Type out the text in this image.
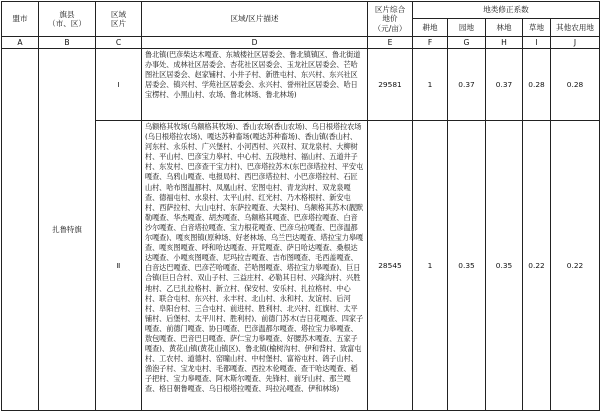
盟市	旗县
（市、区）	区域
区片	区域/区片描述	区片综合
地价
（元/亩）	地类修正系数				
					耕地	园地	林地	草地	其他农用地
A	B	C	D	E	F	G	H	I	J
	扎鲁特旗	Ⅰ	鲁北镇(巴彦柴达木嘎查、东城楼社区居委会、鲁北镇镇区、鲁北街道办事处、成林社区居委会、杏花社区居委会、玉龙社区居委会、芒哈图社区居委会、赵家铺村、小井子村、新胜屯村、东兴村、东兴社区居委会、镇兴村、学苑社区居委会、永兴村、誉州社区居委会、哈日宝楞村、小黑山村、农场、鲁北林场、鲁北林场)	29581	1	0.37	0.37	0.28	0.28
		Ⅱ	乌额格其牧场(乌额格其牧场)、香山农场(香山农场)、乌日根塔拉农场(乌日根塔拉农场)、嘎达苏种畜场(嘎达苏种畜场)、香山镇(香山村、河东村、永乐村、广兴堡村、小河西村、兴双村、双龙泉村、大柳树村、平山村、巴彦宝力皋村、中心村、五段地村、福山村、五道井子村、东发村、巴彦查干宝力村)、巴彦塔拉苏木(东巴彦塔拉村、平安屯嘎查、乌鸦山嘎查、电报局村、西巴彦塔拉村、小巴彦塔拉村、石匠山村、哈布图温都村、凤凰山村、宏图屯村、青龙沟村、双龙泉嘎查、德福屯村、水泉村、太平山村、红光村、乃木格根村、新安屯村、西萨拉村、大山屯村、东萨拉嘎查、大架村)、乌额格其苏木(靓默勒嘎查、华杰嘎查、胡杰嘎查、乌额格其嘎查、巴彦塔拉嘎查、白音沙尔嘎查、白音塔拉嘎查、宝力根花嘎查、巴彦乌拉嘎查、巴彦温都尔嘎查)、嘎亥图镇(原种场、好老林场、乌兰巴达嘎查、塔拉宝力皋嘎查、嘎亥图嘎查、呼和哈达嘎查、开荒嘎查、萨日哈达嘎查、桑根达达嘎查、小嘎亥图嘎查、尼玛拉吉嘎查、吉布图嘎查、毛西盖嘎查、白音达巴嘎查、巴彦芒哈嘎查、芒哈图嘎查、塔拉宝力皋嘎查)、巨日合镇(巨日合村、双山子村、三益庄村、必勒其日村、兴隆沟村、兴胜地村、乙巳扎拉格村、新立村、保安村、安乐村、扎拉格村、中心村、联合屯村、东兴村、永丰村、北山村、永和村、友谊村、后河村、阜阳台村、三合屯村、前进村、胜利村、北兴村、红旗村、太平铺村、后堡村、太平川村、胜利村)、前德门苏木(吉日花嘎查、四家子嘎查、前德门嘎查、协日嘎查、巴彦温都尔嘎查、塔拉宝力皋嘎查、敖包嘎查、巴音巴日嘎查、萨仁宝力皋嘎查、好腰苏木嘎查、五家子嘎查)、黄花山镇(黄花山镇区)、鲁北镇(榆树沟村、伊和背村、致富屯村、工农村、道德村、窑瞳山村、中村堡村、富裕屯村、鸽子山村、渔泡子村、宝龙屯村、毛都嘎查、西拉木伦嘎查、查干哈达嘎查、稻子把村、宝力皋嘎查、阿木斯尔嘎查、先锋村、前牙山村、那兰嘎查、格日朝鲁嘎查、乌日根塔拉嘎查、玛拉沁嘎查、伊和林场)	28545	1	0.35	0.35	0.22	0.22
